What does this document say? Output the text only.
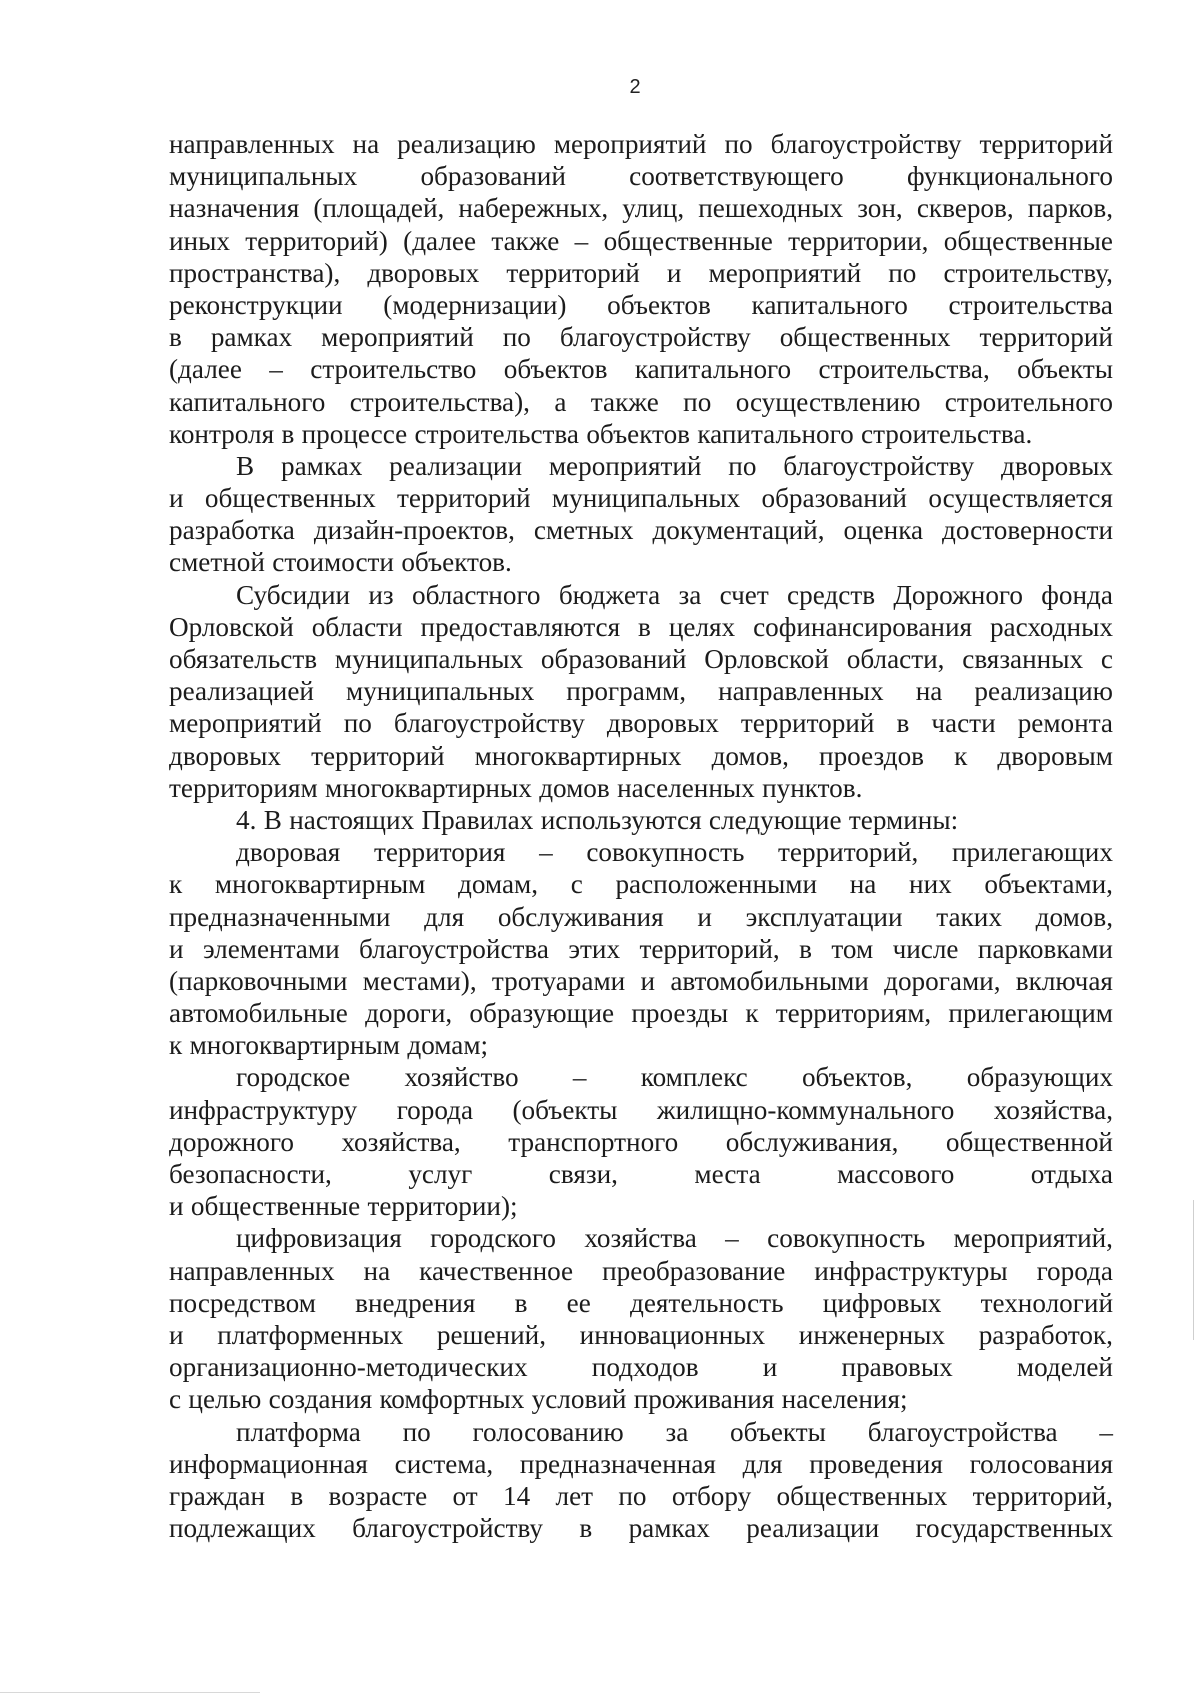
2
направленных на реализацию мероприятий по благоустройству территорий
муниципальных образований соответствующего функционального
назначения (площадей, набережных, улиц, пешеходных зон, скверов, парков,
иных территорий) (далее также – общественные территории, общественные
пространства), дворовых территорий и мероприятий по строительству,
реконструкции (модернизации) объектов капитального строительства
в рамках мероприятий по благоустройству общественных территорий
(далее – строительство объектов капитального строительства, объекты
капитального строительства), а также по осуществлению строительного
контроля в процессе строительства объектов капитального строительства.
В рамках реализации мероприятий по благоустройству дворовых
и общественных территорий муниципальных образований осуществляется
разработка дизайн-проектов, сметных документаций, оценка достоверности
сметной стоимости объектов.
Субсидии из областного бюджета за счет средств Дорожного фонда
Орловской области предоставляются в целях софинансирования расходных
обязательств муниципальных образований Орловской области, связанных с
реализацией муниципальных программ, направленных на реализацию
мероприятий по благоустройству дворовых территорий в части ремонта
дворовых территорий многоквартирных домов, проездов к дворовым
территориям многоквартирных домов населенных пунктов.
4. В настоящих Правилах используются следующие термины:
дворовая территория – совокупность территорий, прилегающих
к многоквартирным домам, с расположенными на них объектами,
предназначенными для обслуживания и эксплуатации таких домов,
и элементами благоустройства этих территорий, в том числе парковками
(парковочными местами), тротуарами и автомобильными дорогами, включая
автомобильные дороги, образующие проезды к территориям, прилегающим
к многоквартирным домам;
городское хозяйство – комплекс объектов, образующих
инфраструктуру города (объекты жилищно-коммунального хозяйства,
дорожного хозяйства, транспортного обслуживания, общественной
безопасности,	услуг	связи,	места	массового	отдыха
и общественные территории);
цифровизация городского хозяйства – совокупность мероприятий,
направленных на качественное преобразование инфраструктуры города
посредством внедрения в ее деятельность цифровых технологий
и платформенных решений, инновационных инженерных разработок,
организационно-методических подходов и правовых моделей
с целью создания комфортных условий проживания населения;
платформа по голосованию за объекты благоустройства –
информационная система, предназначенная для проведения голосования
граждан в возрасте от 14 лет по отбору общественных территорий,
подлежащих благоустройству в рамках реализации государственных
